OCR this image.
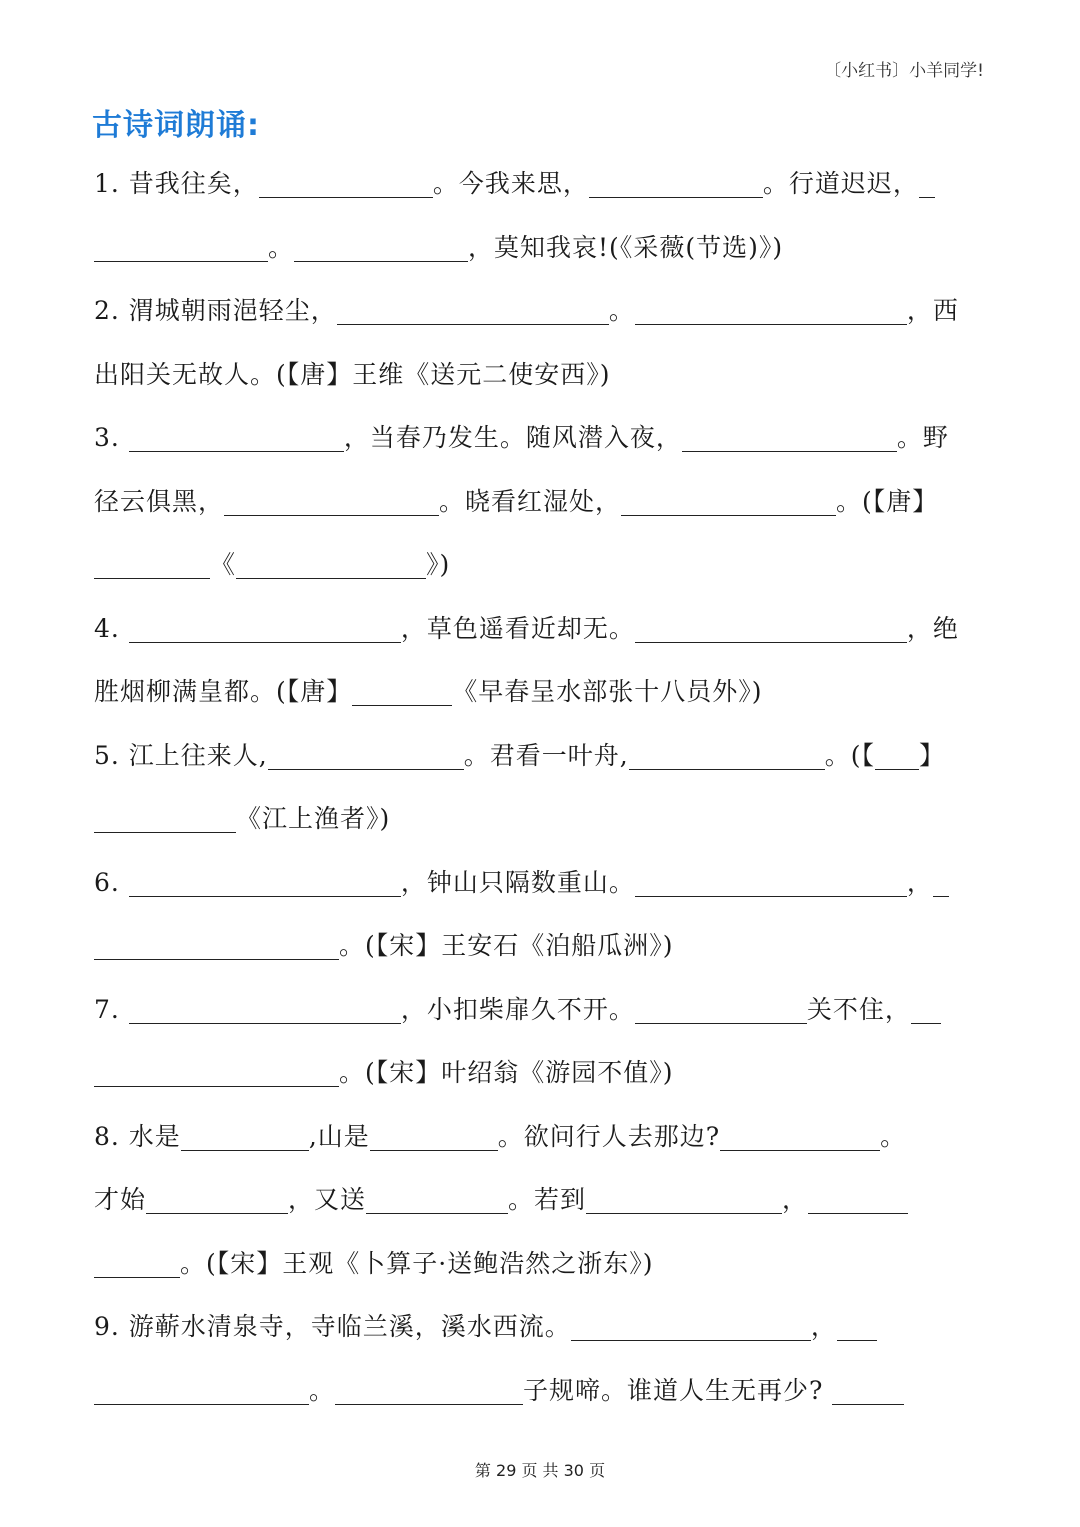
〔小红书〕小羊同学!
古诗词朗诵:
1. 昔我往矣，	。今我来思，	。行道迟迟，
。	，莫知我哀!(《采薇(节选)》)
2. 渭城朝雨浥轻尘，	。	，西
出阳关无故人。(【唐】王维《送元二使安西》)
3.	，当春乃发生。随风潜入夜，	。野
径云俱黑，	。晓看红湿处，	。(【唐】
《	》)
4.	，草色遥看近却无。	，绝
胜烟柳满皇都。(【唐】	《早春呈水部张十八员外》)
5. 江上往来人,	。君看一叶舟,	。(【 】
《江上渔者》)
6.	，钟山只隔数重山。	，
。(【宋】王安石《泊船瓜洲》)
7.	，小扣柴扉久不开。	关不住，
。(【宋】叶绍翁《游园不值》)
8. 水是	,山是	。欲问行人去那边?	。
才始	，又送	。若到	，
。(【宋】王观《卜算子·送鲍浩然之浙东》)
9. 游蕲水清泉寺，寺临兰溪，溪水西流。	，
。	子规啼。谁道人生无再少?
第 29 页 共 30 页
